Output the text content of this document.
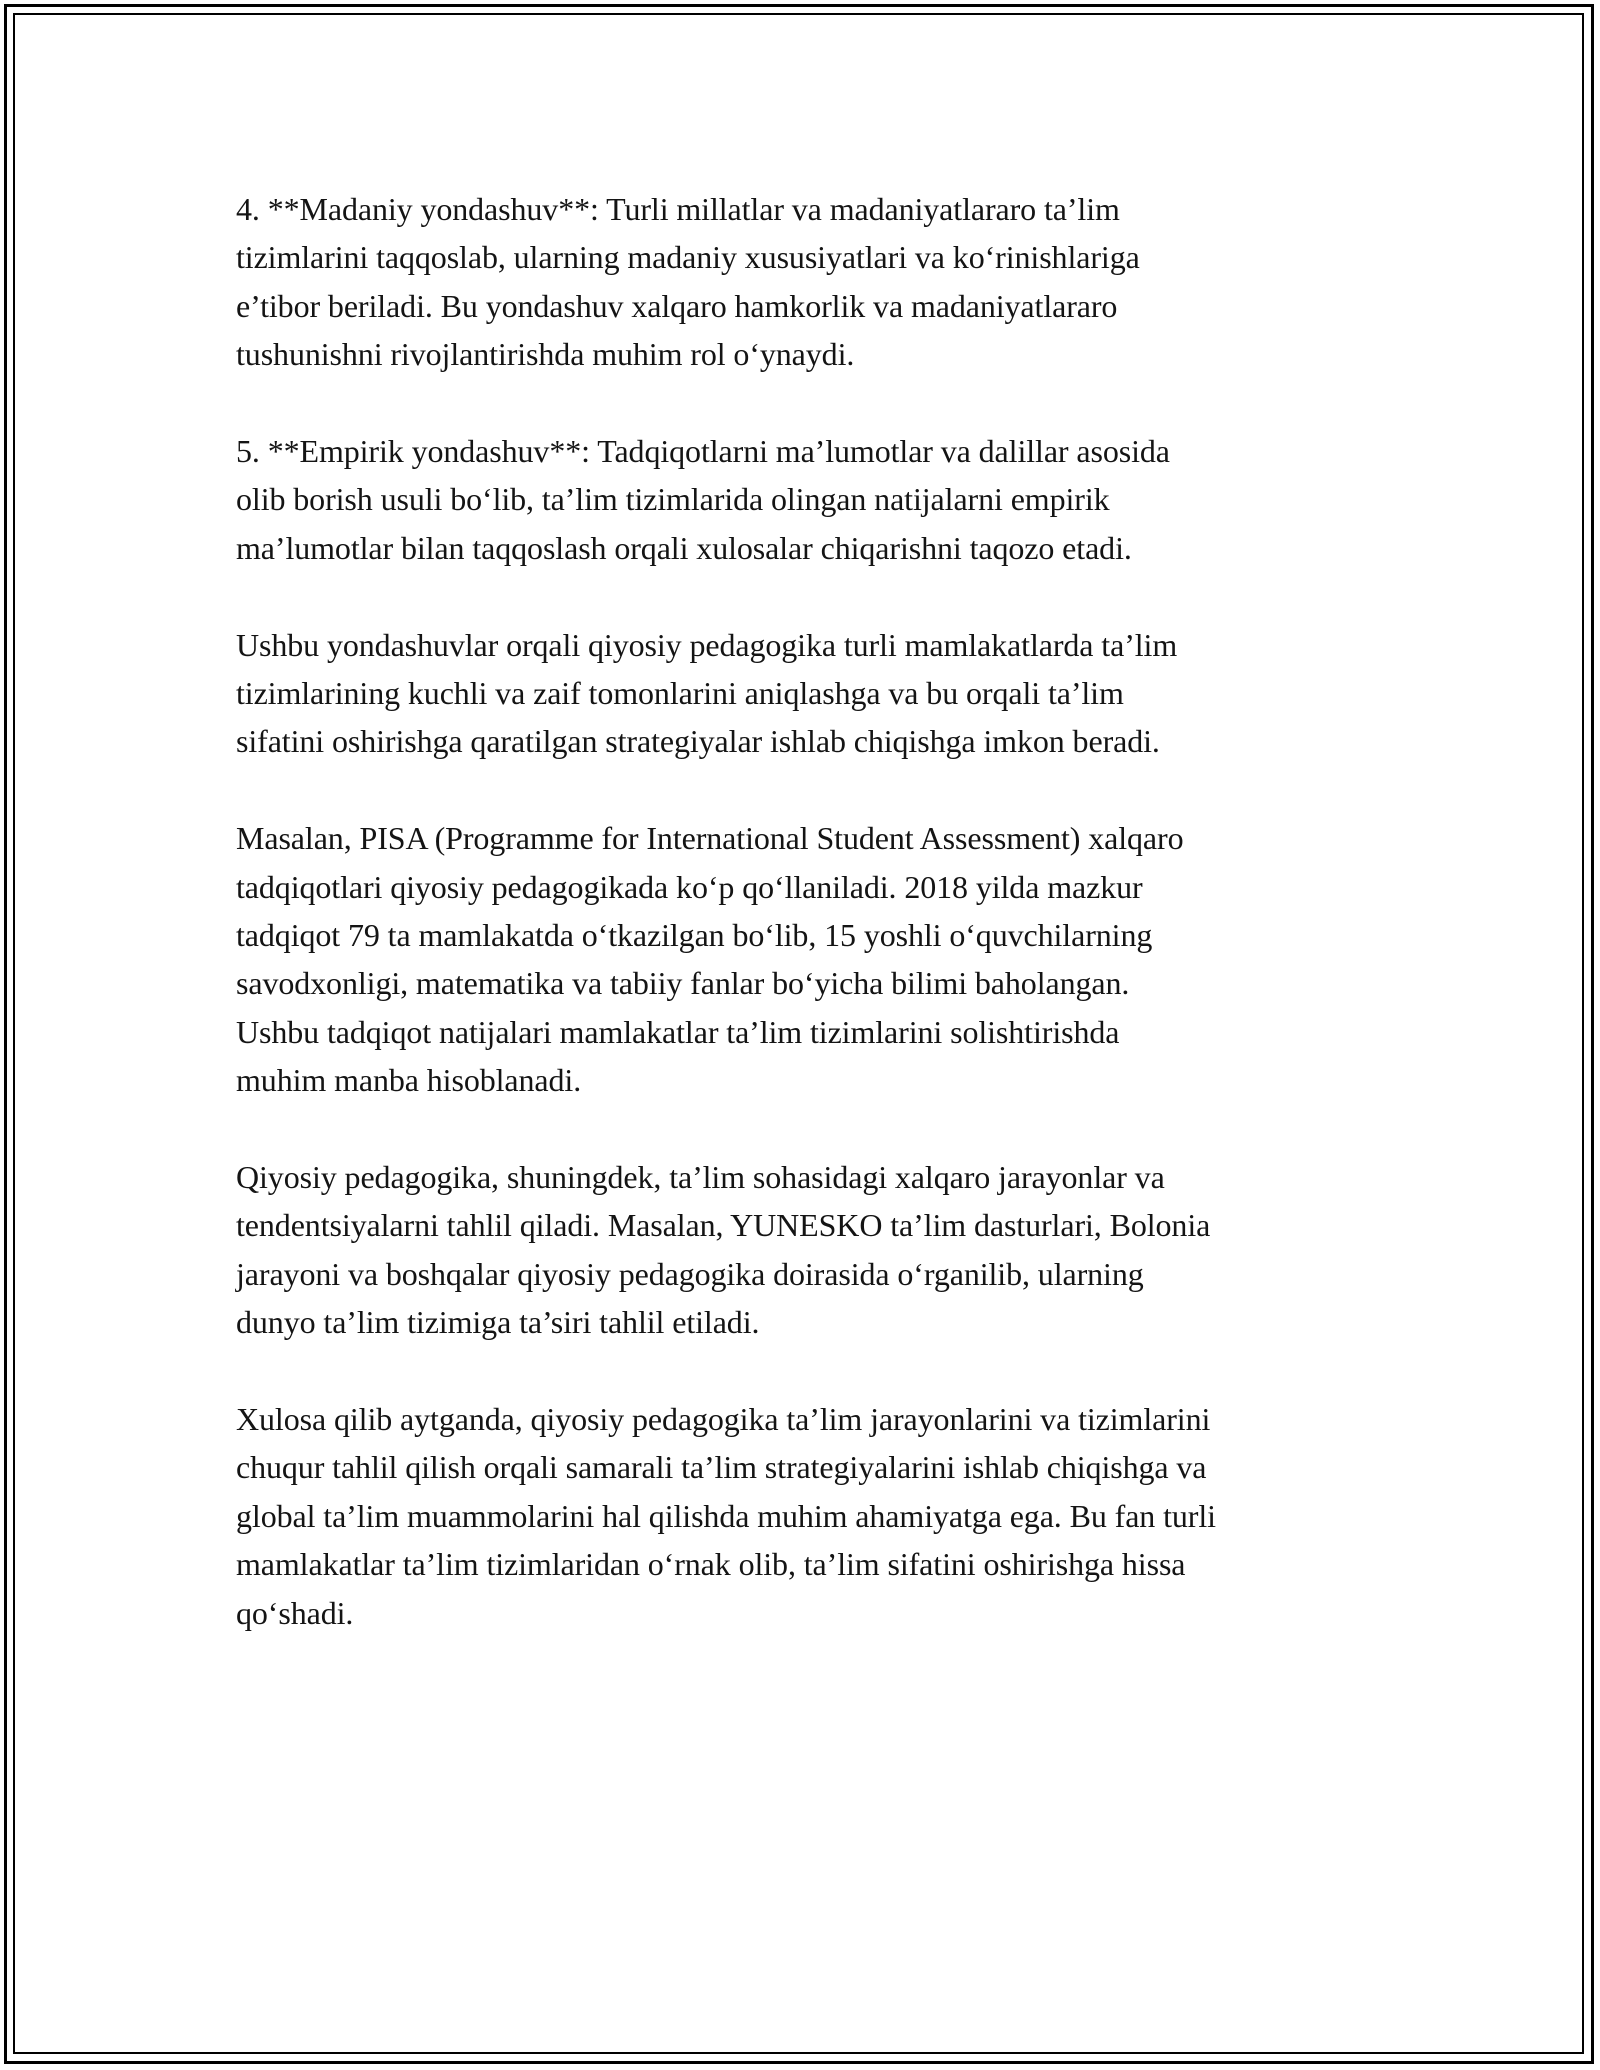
4. **Madaniy yondashuv**: Turli millatlar va madaniyatlararo ta’lim
tizimlarini taqqoslab, ularning madaniy xususiyatlari va ko‘rinishlariga
e’tibor beriladi. Bu yondashuv xalqaro hamkorlik va madaniyatlararo
tushunishni rivojlantirishda muhim rol o‘ynaydi.

5. **Empirik yondashuv**: Tadqiqotlarni ma’lumotlar va dalillar asosida
olib borish usuli bo‘lib, ta’lim tizimlarida olingan natijalarni empirik
ma’lumotlar bilan taqqoslash orqali xulosalar chiqarishni taqozo etadi.

Ushbu yondashuvlar orqali qiyosiy pedagogika turli mamlakatlarda ta’lim
tizimlarining kuchli va zaif tomonlarini aniqlashga va bu orqali ta’lim
sifatini oshirishga qaratilgan strategiyalar ishlab chiqishga imkon beradi.

Masalan, PISA (Programme for International Student Assessment) xalqaro
tadqiqotlari qiyosiy pedagogikada ko‘p qo‘llaniladi. 2018 yilda mazkur
tadqiqot 79 ta mamlakatda o‘tkazilgan bo‘lib, 15 yoshli o‘quvchilarning
savodxonligi, matematika va tabiiy fanlar bo‘yicha bilimi baholangan.
Ushbu tadqiqot natijalari mamlakatlar ta’lim tizimlarini solishtirishda
muhim manba hisoblanadi.

Qiyosiy pedagogika, shuningdek, ta’lim sohasidagi xalqaro jarayonlar va
tendentsiyalarni tahlil qiladi. Masalan, YUNESKO ta’lim dasturlari, Bolonia
jarayoni va boshqalar qiyosiy pedagogika doirasida o‘rganilib, ularning
dunyo ta’lim tizimiga ta’siri tahlil etiladi.

Xulosa qilib aytganda, qiyosiy pedagogika ta’lim jarayonlarini va tizimlarini
chuqur tahlil qilish orqali samarali ta’lim strategiyalarini ishlab chiqishga va
global ta’lim muammolarini hal qilishda muhim ahamiyatga ega. Bu fan turli
mamlakatlar ta’lim tizimlaridan o‘rnak olib, ta’lim sifatini oshirishga hissa
qo‘shadi.
